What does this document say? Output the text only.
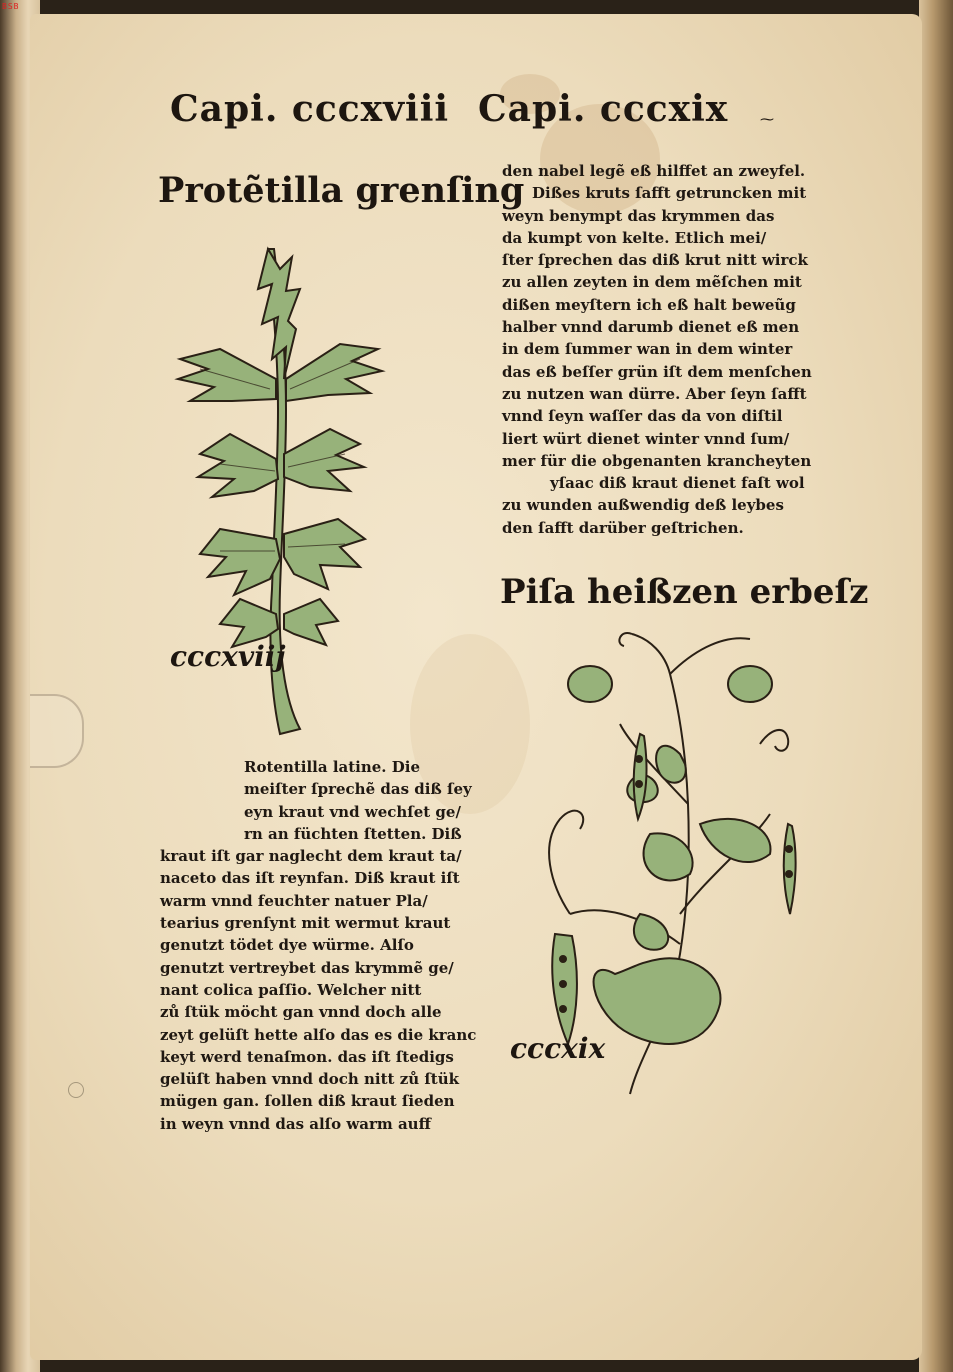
Capi. cccxviii Capi. cccxix ⁓
Protẽtilla grenſing
cccxviij
Rotentilla latine. Die
meiſter ſprechẽ das diß ſey
eyn kraut vnd wechſet ge/
rn an füchten ſtetten. Diß
kraut iſt gar naglecht dem kraut ta/
naceto das iſt reynfan. Diß kraut iſt
warm vnnd feuchter natuer Pla/
tearius grenſynt mit wermut kraut
genutzt tödet dye würme. Alſo
genutzt vertreybet das krymmẽ ge/
nant colica paſſio. Welcher nitt
zů ſtük möcht gan vnnd doch alle
zeyt gelüſt hette alſo das es die kranc
keyt werd tenaſmon. das iſt ſtedigs
gelüſt haben vnnd doch nitt zů ſtük
mügen gan. ſollen diß kraut ſieden
in weyn vnnd das alſo warm auff
den nabel legẽ eß hilffet an zweyfel.
Dißes kruts ſafft getruncken mit
weyn benympt das krymmen das
da kumpt von kelte. Etlich mei/
ſter ſprechen das diß krut nitt wirck
zu allen zeyten in dem mẽſchen mit
dißen meyſtern ich eß halt beweũg
halber vnnd darumb dienet eß men
in dem ſummer wan in dem winter
das eß beſſer grün iſt dem menſchen
zu nutzen wan dürre. Aber ſeyn ſafft
vnnd ſeyn waſſer das da von diſtil
liert würt dienet winter vnnd ſum/
mer für die obgenanten krancheyten
yſaac diß kraut dienet faſt wol
zu wunden außwendig deß leybes
den ſafft darüber geſtrichen.
Piſa heißzen erbeſz
cccxix
BSB
